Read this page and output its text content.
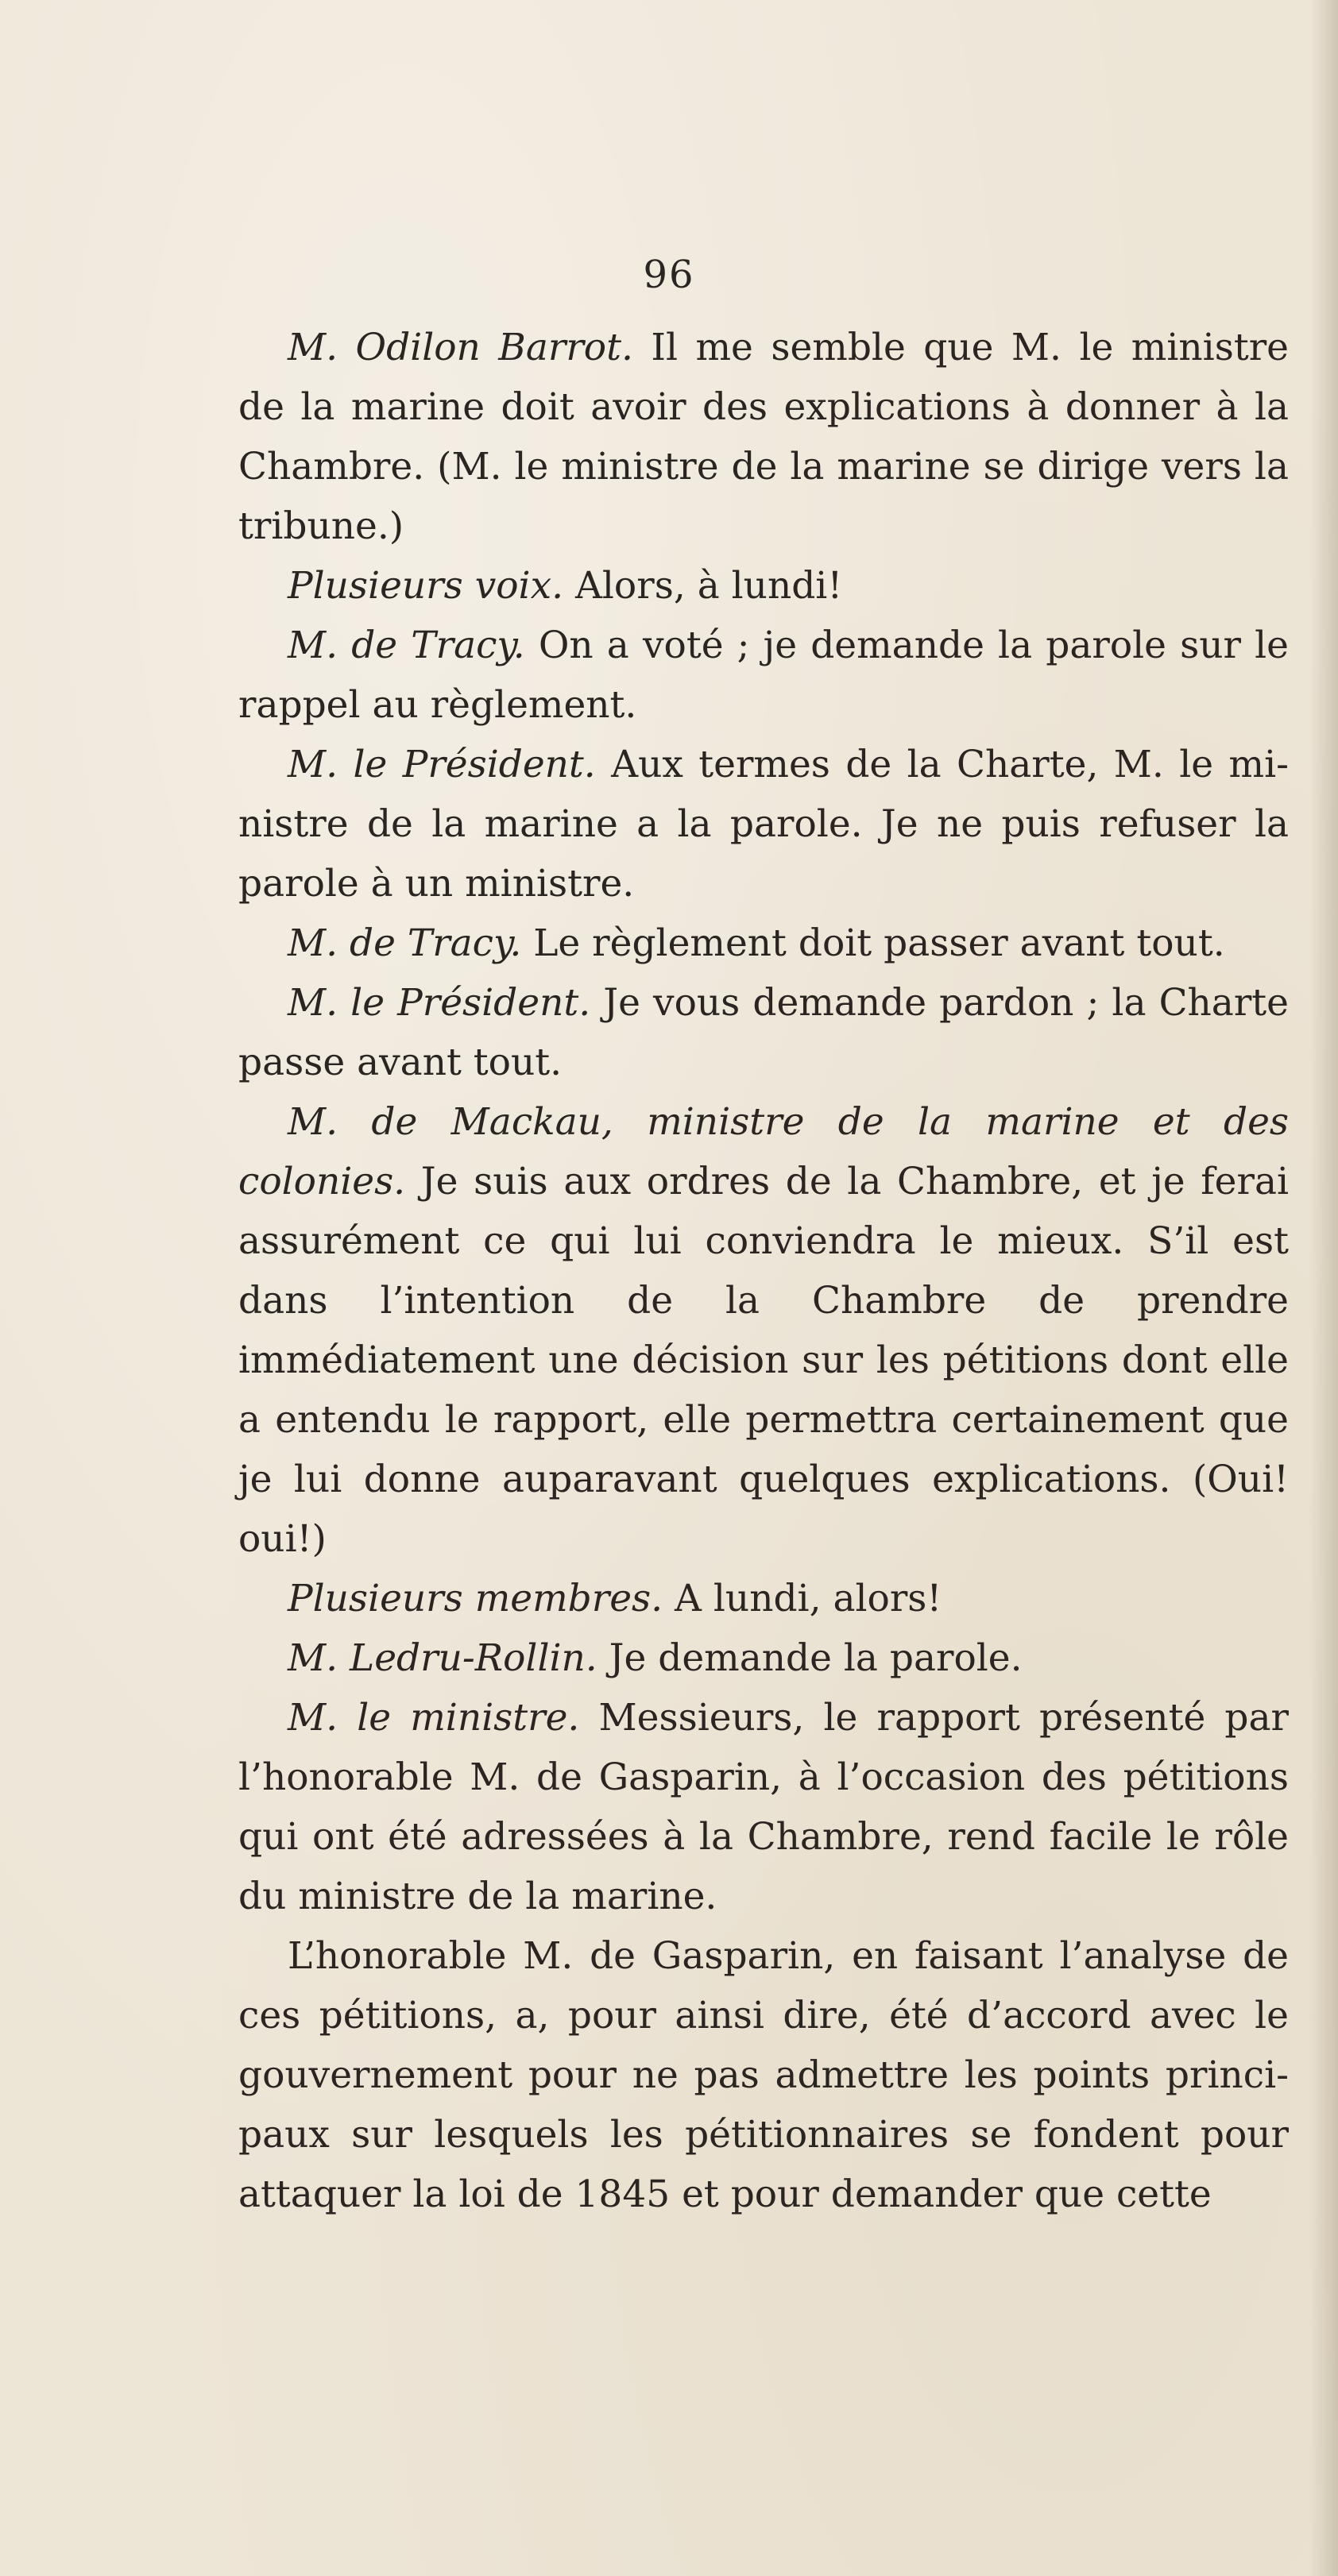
96

M. Odilon Barrot. Il me semble que M. le ministre de la marine doit avoir des explications à donner à la Chambre. (M. le ministre de la marine se dirige vers la tribune.)

Plusieurs voix. Alors, à lundi!

M. de Tracy. On a voté ; je demande la parole sur le rappel au règlement.

M. le Président. Aux termes de la Charte, M. le ministre de la marine a la parole. Je ne puis refuser la parole à un ministre.

M. de Tracy. Le règlement doit passer avant tout.

M. le Président. Je vous demande pardon ; la Charte passe avant tout.

M. de Mackau, ministre de la marine et des colonies. Je suis aux ordres de la Chambre, et je ferai assurément ce qui lui conviendra le mieux. S’il est dans l’intention de la Chambre de prendre immédiatement une décision sur les pétitions dont elle a entendu le rapport, elle permettra certainement que je lui donne auparavant quelques explications. (Oui! oui!)

Plusieurs membres. A lundi, alors!

M. Ledru-Rollin. Je demande la parole.

M. le ministre. Messieurs, le rapport présenté par l’honorable M. de Gasparin, à l’occasion des pétitions qui ont été adressées à la Chambre, rend facile le rôle du ministre de la marine.

L’honorable M. de Gasparin, en faisant l’analyse de ces pétitions, a, pour ainsi dire, été d’accord avec le gouvernement pour ne pas admettre les points principaux sur lesquels les pétitionnaires se fondent pour attaquer la loi de 1845 et pour demander que cette
